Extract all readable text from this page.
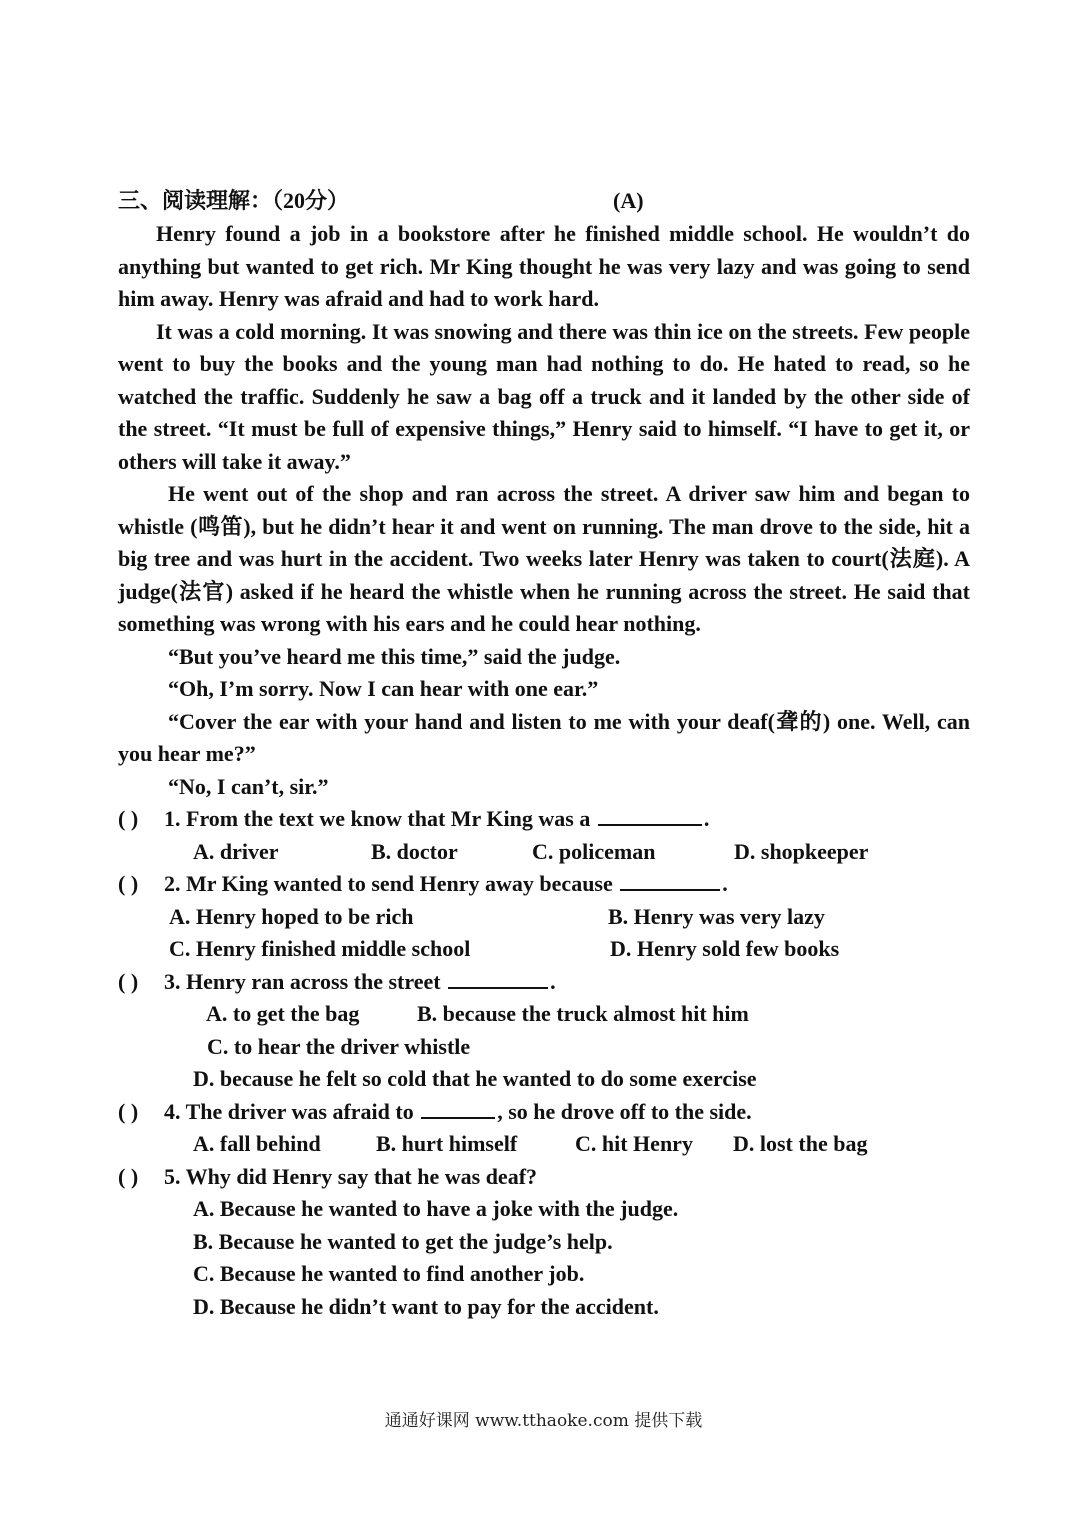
三、阅读理解：（20分）	(A)

Henry found a job in a bookstore after he finished middle school. He wouldn’t do anything but wanted to get rich. Mr King thought he was very lazy and was going to send him away. Henry was afraid and had to work hard.

It was a cold morning. It was snowing and there was thin ice on the streets. Few people went to buy the books and the young man had nothing to do. He hated to read, so he watched the traffic. Suddenly he saw a bag off a truck and it landed by the other side of the street. “It must be full of expensive things,” Henry said to himself. “I have to get it, or others will take it away.”

He went out of the shop and ran across the street. A driver saw him and began to whistle (鸣笛), but he didn’t hear it and went on running. The man drove to the side, hit a big tree and was hurt in the accident. Two weeks later Henry was taken to court(法庭). A judge(法官) asked if he heard the whistle when he running across the street. He said that something was wrong with his ears and he could hear nothing.

“But you’ve heard me this time,” said the judge.

“Oh, I’m sorry. Now I can hear with one ear.”

“Cover the ear with your hand and listen to me with your deaf(聋的) one. Well, can you hear me?”

“No, I can’t, sir.”

( ) 1. From the text we know that Mr King was a	.
A. driver	B. doctor	C. policeman	D. shopkeeper
( ) 2. Mr King wanted to send Henry away because	.
A. Henry hoped to be rich	B. Henry was very lazy
C. Henry finished middle school	D. Henry sold few books
( ) 3. Henry ran across the street	.
A. to get the bag	B. because the truck almost hit him
C. to hear the driver whistle
D. because he felt so cold that he wanted to do some exercise
( ) 4. The driver was afraid to	, so he drove off to the side.
A. fall behind	B. hurt himself	C. hit Henry D. lost the bag
( ) 5. Why did Henry say that he was deaf?
A. Because he wanted to have a joke with the judge.
B. Because he wanted to get the judge’s help.
C. Because he wanted to find another job.
D. Because he didn’t want to pay for the accident.
通通好课网 www.tthaoke.com 提供下载
